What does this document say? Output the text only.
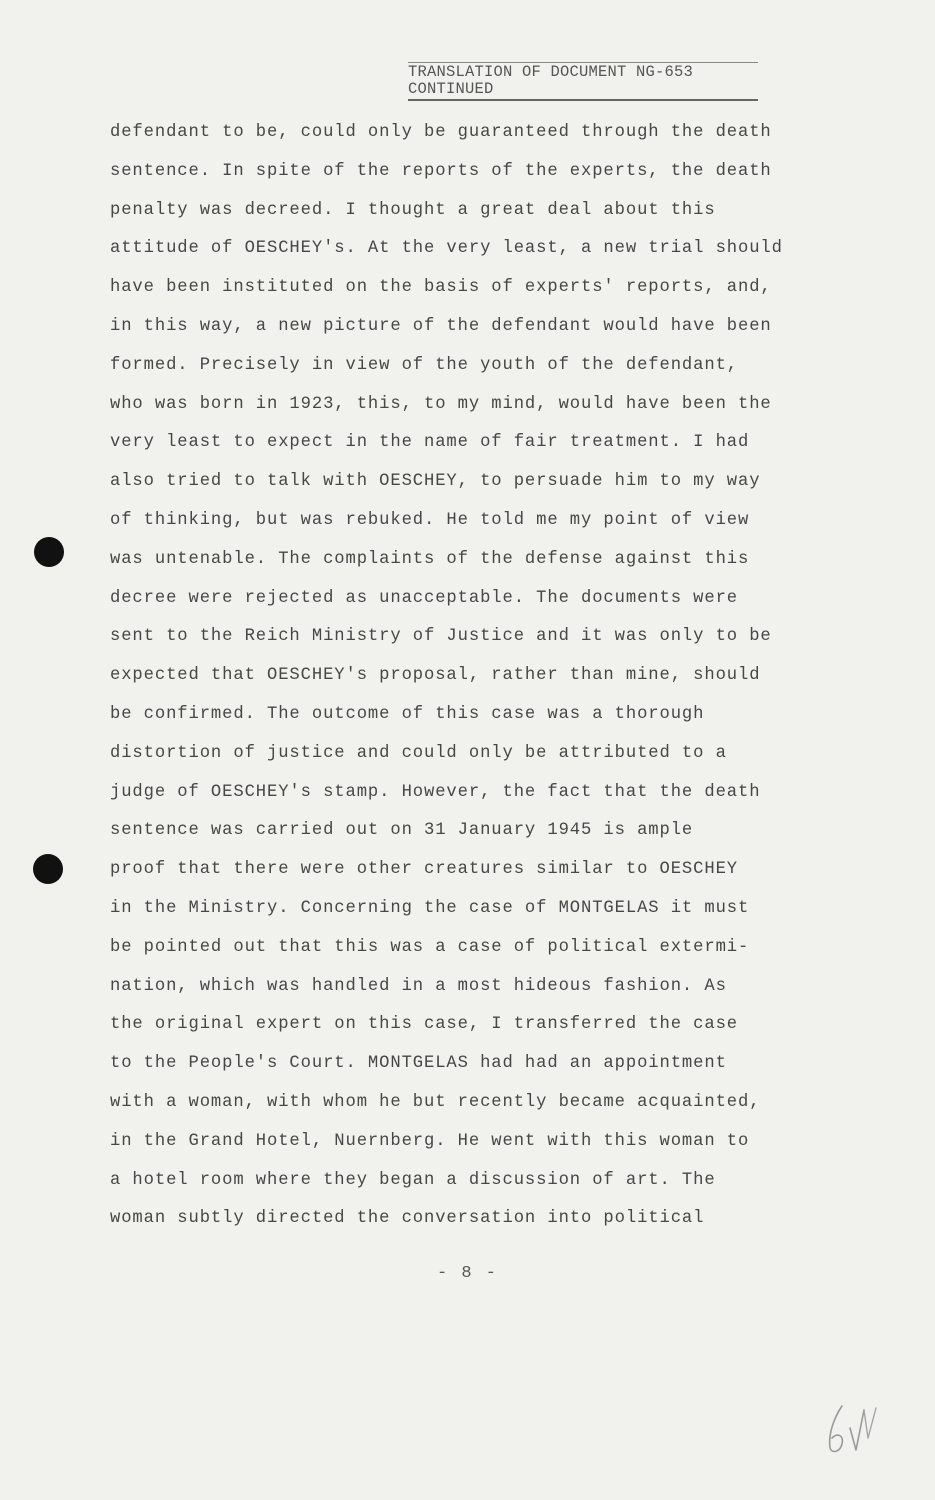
TRANSLATION OF DOCUMENT NG-653
CONTINUED
defendant to be, could only be guaranteed through the death
sentence. In spite of the reports of the experts, the death
penalty was decreed. I thought a great deal about this
attitude of OESCHEY's. At the very least, a new trial should
have been instituted on the basis of experts' reports, and,
in this way, a new picture of the defendant would have been
formed. Precisely in view of the youth of the defendant,
who was born in 1923, this, to my mind, would have been the
very least to expect in the name of fair treatment. I had
also tried to talk with OESCHEY, to persuade him to my way
of thinking, but was rebuked. He told me my point of view
was untenable. The complaints of the defense against this
decree were rejected as unacceptable. The documents were
sent to the Reich Ministry of Justice and it was only to be
expected that OESCHEY's proposal, rather than mine, should
be confirmed. The outcome of this case was a thorough
distortion of justice and could only be attributed to a
judge of OESCHEY's stamp. However, the fact that the death
sentence was carried out on 31 January 1945 is ample
proof that there were other creatures similar to OESCHEY
in the Ministry. Concerning the case of MONTGELAS it must
be pointed out that this was a case of political extermi-
nation, which was handled in a most hideous fashion. As
the original expert on this case, I transferred the case
to the People's Court. MONTGELAS had had an appointment
with a woman, with whom he but recently became acquainted,
in the Grand Hotel, Nuernberg. He went with this woman to
a hotel room where they began a discussion of art. The
woman subtly directed the conversation into political
- 8 -
